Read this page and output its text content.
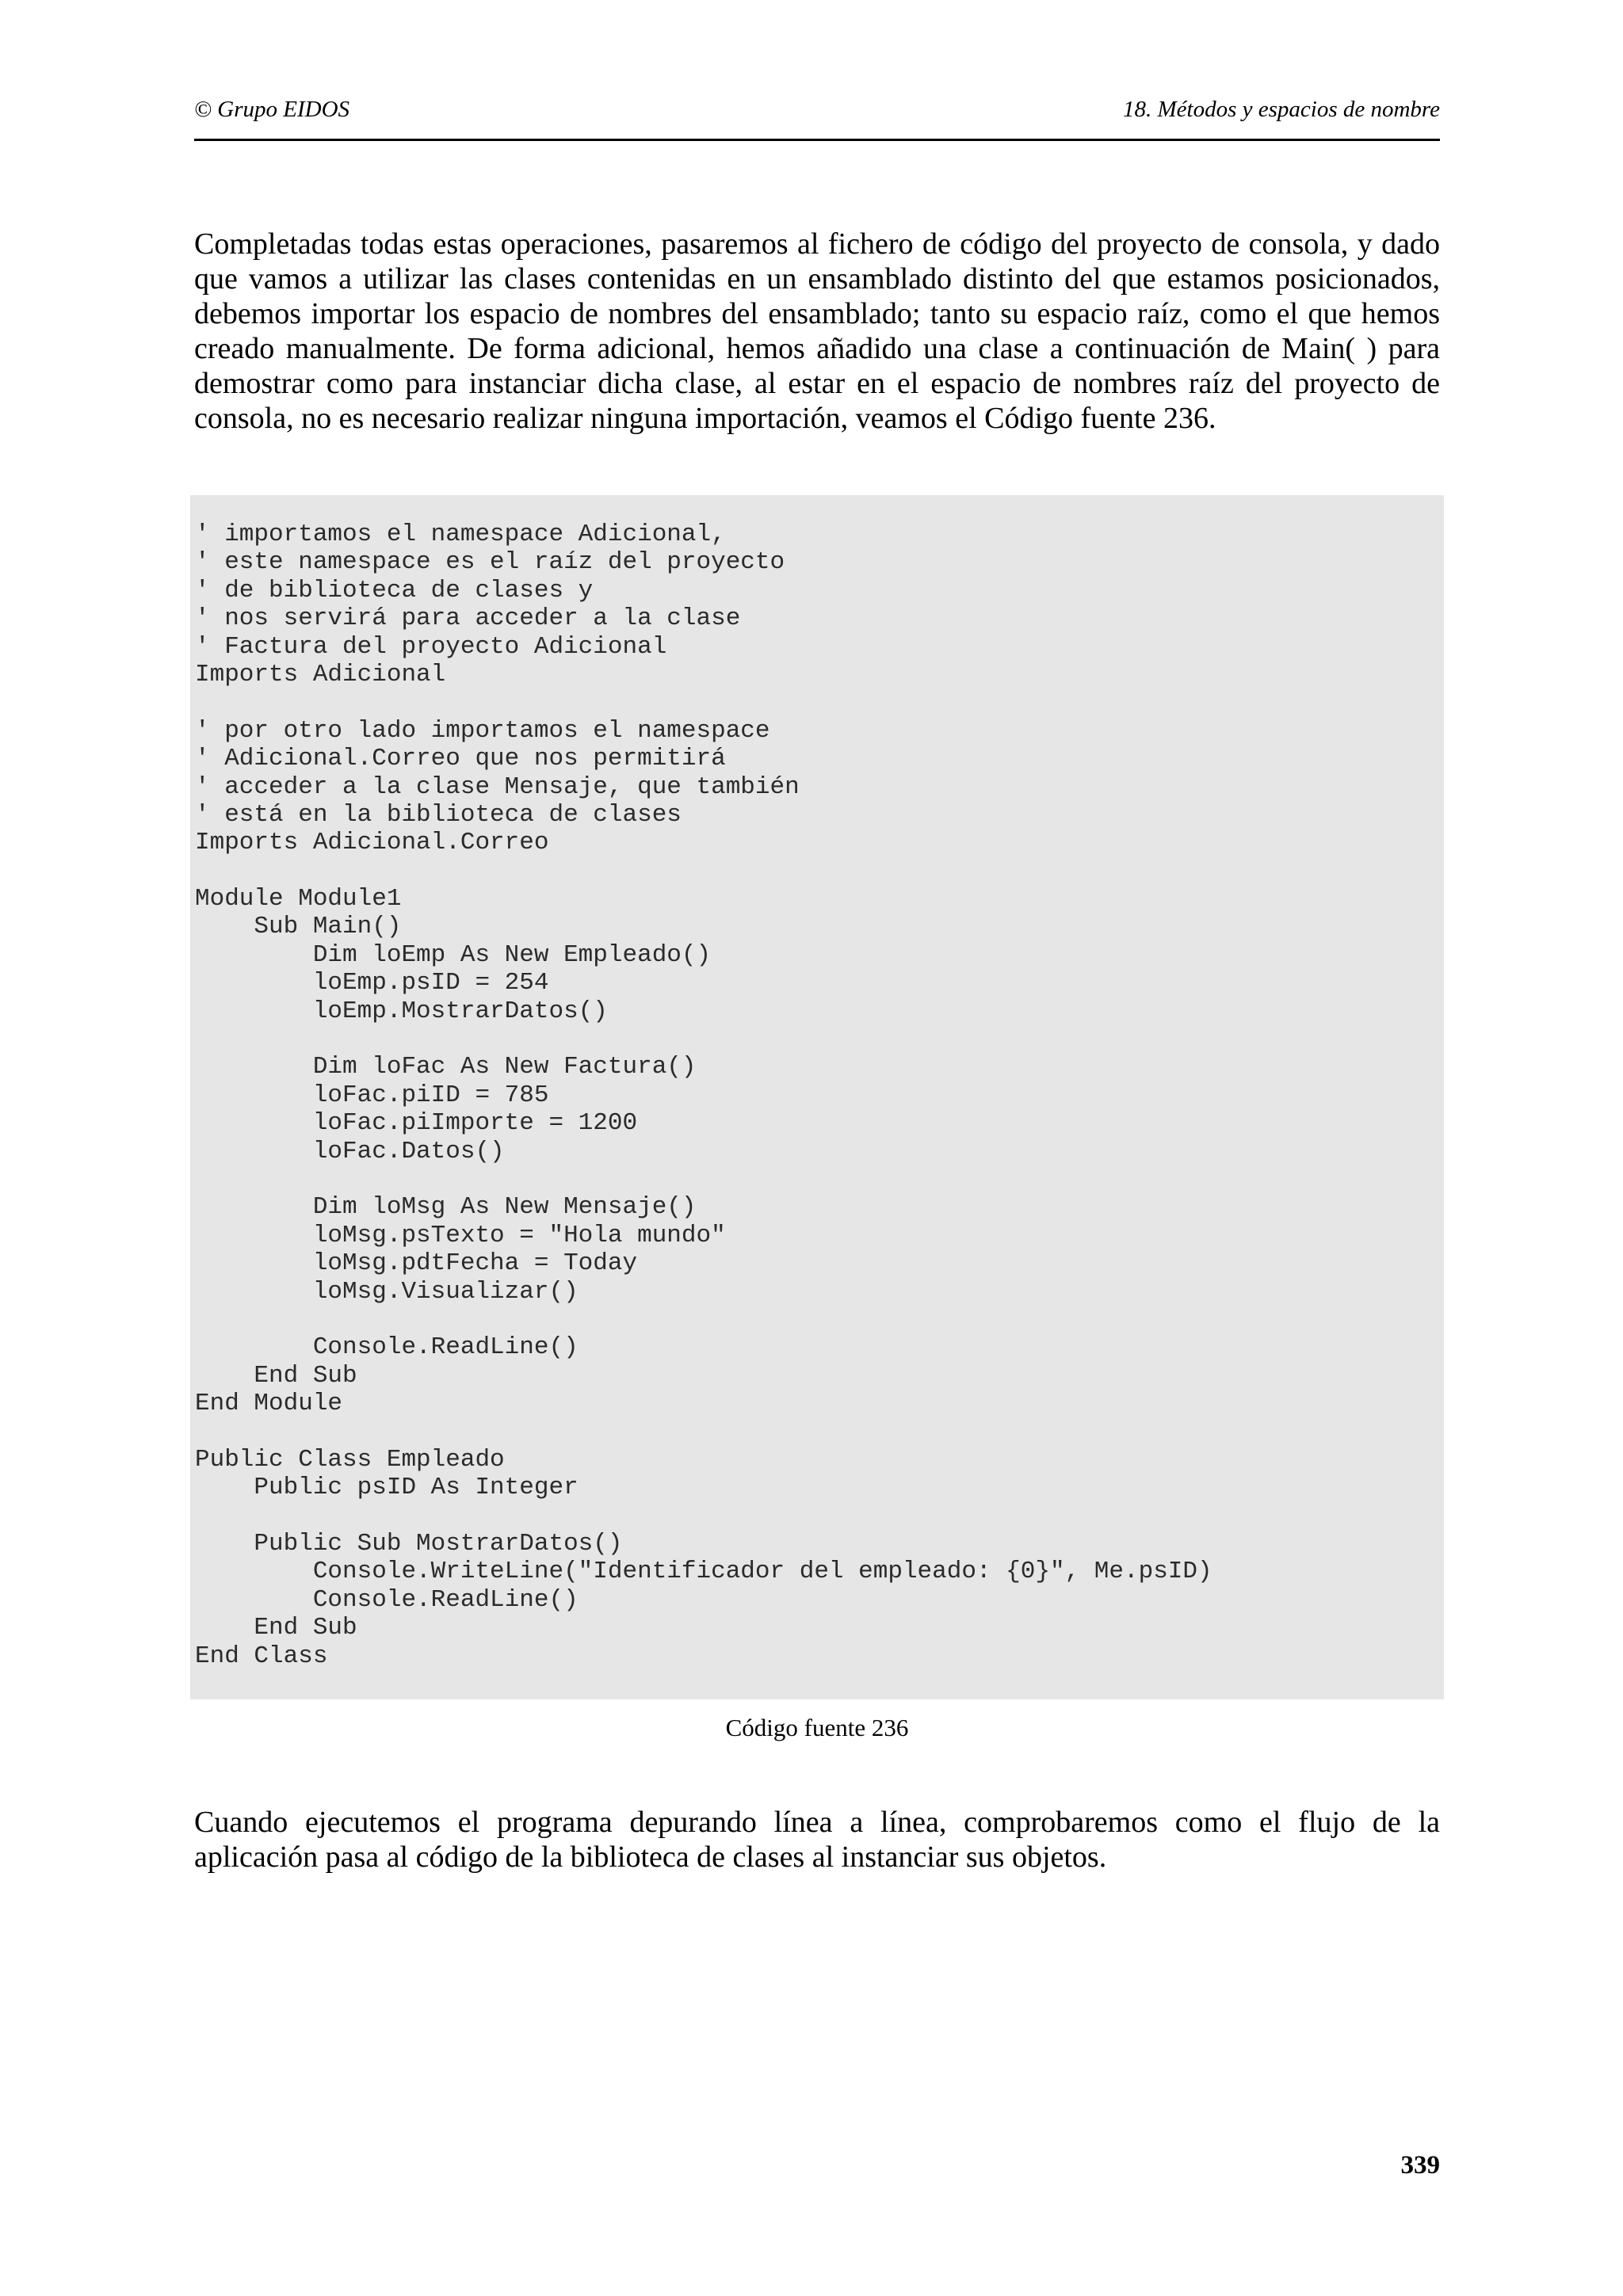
© Grupo EIDOS	18. Métodos y espacios de nombre
Completadas todas estas operaciones, pasaremos al fichero de código del proyecto de consola, y dado que vamos a utilizar las clases contenidas en un ensamblado distinto del que estamos posicionados, debemos importar los espacio de nombres del ensamblado; tanto su espacio raíz, como el que hemos creado manualmente. De forma adicional, hemos añadido una clase a continuación de Main( ) para demostrar como para instanciar dicha clase, al estar en el espacio de nombres raíz del proyecto de consola, no es necesario realizar ninguna importación, veamos el Código fuente 236.
' importamos el namespace Adicional,
' este namespace es el raíz del proyecto
' de biblioteca de clases y
' nos servirá para acceder a la clase
' Factura del proyecto Adicional
Imports Adicional
' por otro lado importamos el namespace
' Adicional.Correo que nos permitirá
' acceder a la clase Mensaje, que también
' está en la biblioteca de clases
Imports Adicional.Correo
Module Module1
Sub Main()
Dim loEmp As New Empleado()
loEmp.psID = 254
loEmp.MostrarDatos()
Dim loFac As New Factura()
loFac.piID = 785
loFac.piImporte = 1200
loFac.Datos()
Dim loMsg As New Mensaje()
loMsg.psTexto = "Hola mundo"
loMsg.pdtFecha = Today
loMsg.Visualizar()
Console.ReadLine()
End Sub
End Module
Public Class Empleado
Public psID As Integer
Public Sub MostrarDatos()
Console.WriteLine("Identificador del empleado: {0}", Me.psID)
Console.ReadLine()
End Sub
End Class
Código fuente 236
Cuando ejecutemos el programa depurando línea a línea, comprobaremos como el flujo de la aplicación pasa al código de la biblioteca de clases al instanciar sus objetos.
339
